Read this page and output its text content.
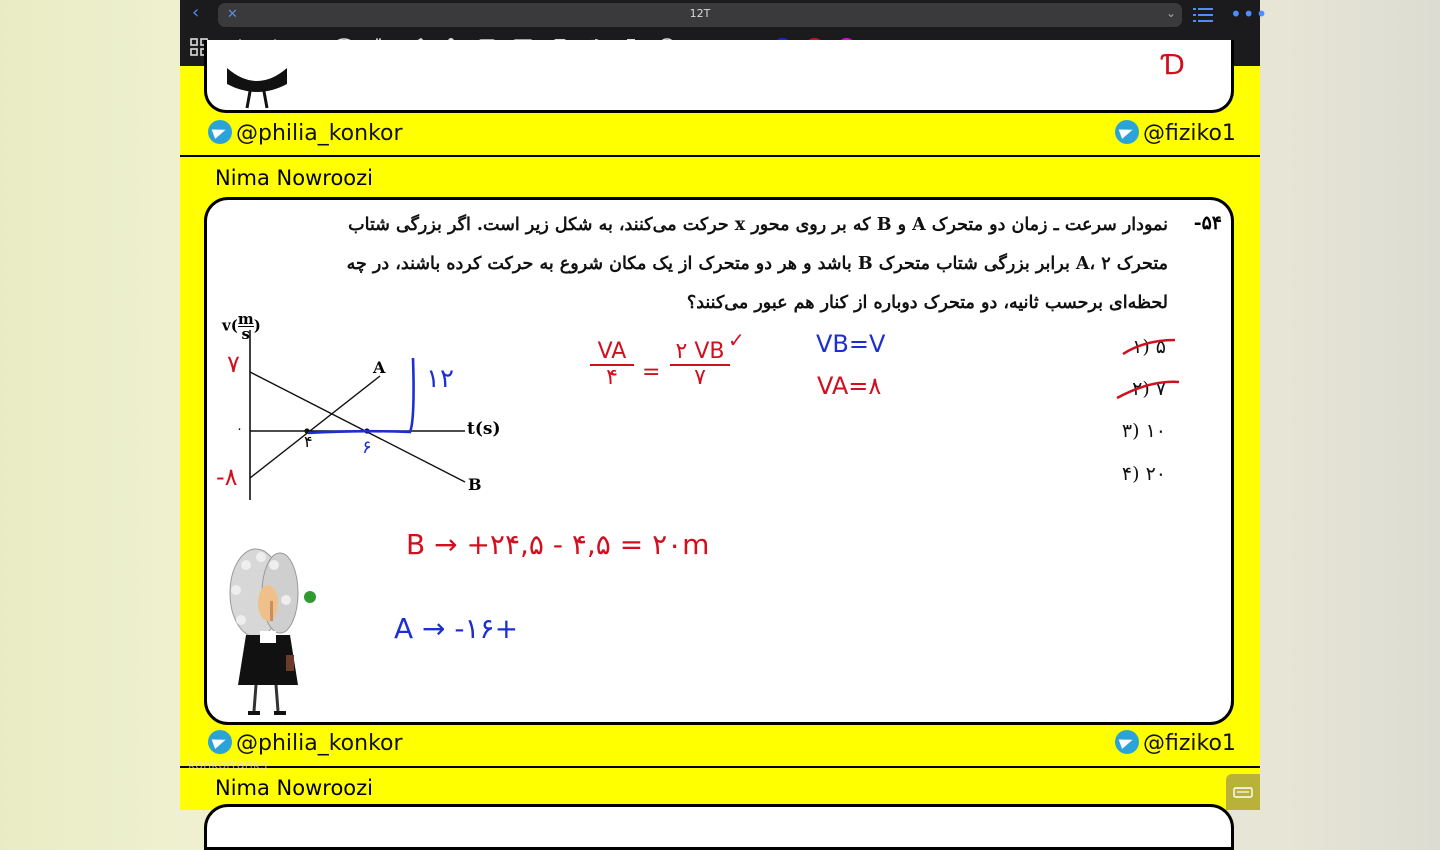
‹ ✕	12T	⌄	•••
Ɗ
@philia_konkor	@fiziko1
Nima Nowroozi
۵۴-
نمودار سرعت ـ زمان دو متحرک A و B که بر روی محور x حرکت می‌کنند، به شکل زیر است. اگر بزرگی شتاب
متحرک A، ۲ برابر بزرگی شتاب متحرک B باشد و هر دو متحرک از یک مکان شروع به حرکت کرده باشند، در چه
لحظه‌ای برحسب ثانیه، دو متحرک دوباره از کنار هم عبور می‌کنند؟
۵ (۱
۷ (۲
۱۰ (۳
۲۰ (۴
$v( \frac{m}{s}$ )
۰	t(s)
A
B
۷
-۸
۴	۶
۱۲
VA
۴	=
۲ VB
۷
✓	VB=V
VA=۸
B → +۲۴,۵ - ۴,۵ = ۲۰m
A → -۱۶+
@philia_konkor	@fiziko1
Nima Nowroozi
konkortanks
